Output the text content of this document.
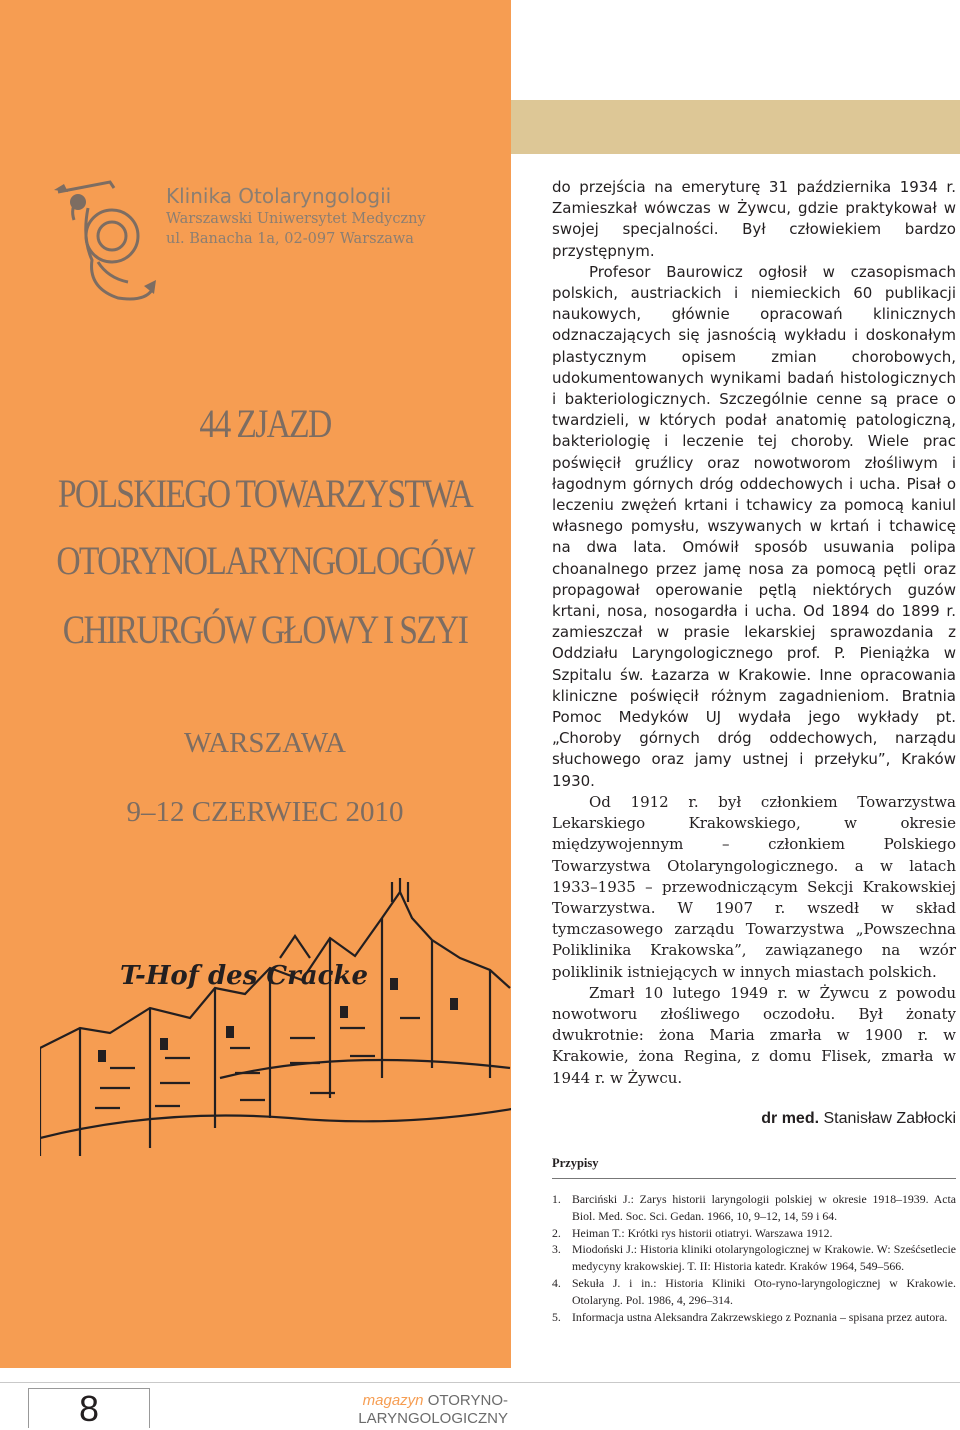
Klinika Otolaryngologii
Warszawski Uniwersytet Medyczny
ul. Banacha 1a, 02-097 Warszawa
44 ZJAZD
POLSKIEGO TOWARZYSTWA
OTORYNOLARYNGOLOGÓW
CHIRURGÓW GŁOWY I SZYI
WARSZAWA
9–12 CZERWIEC 2010
T-Hof des Cracke

do przejścia na emeryturę 31 października 1934 r. Zamieszkał wówczas w Żywcu, gdzie praktykował w swojej specjalności. Był człowiekiem bardzo przystępnym.

Profesor Baurowicz ogłosił w czasopismach polskich, austriackich i niemieckich 60 publikacji naukowych, głównie opracowań klinicznych odznaczających się jasnością wykładu i doskonałym plastycznym opisem zmian chorobowych, udokumentowanych wynikami badań histologicznych i bakteriologicznych. Szczególnie cenne są prace o twardzieli, w których podał anatomię patologiczną, bakteriologię i leczenie tej choroby. Wiele prac poświęcił gruźlicy oraz nowotworom złośliwym i łagodnym górnych dróg oddechowych i ucha. Pisał o leczeniu zwężeń krtani i tchawicy za pomocą kaniul własnego pomysłu, wszywanych w krtań i tchawicę na dwa lata. Omówił sposób usuwania polipa choanalnego przez jamę nosa za pomocą pętli oraz propagował operowanie pętlą niektórych guzów krtani, nosa, nosogardła i ucha. Od 1894 do 1899 r. zamieszczał w prasie lekarskiej sprawozdania z Oddziału Laryngologicznego prof. P. Pieniążka w Szpitalu św. Łazarza w Krakowie. Inne opracowania kliniczne poświęcił różnym zagadnieniom. Bratnia Pomoc Medyków UJ wydała jego wykłady pt. „Choroby górnych dróg oddechowych, narządu słuchowego oraz jamy ustnej i przełyku”, Kraków 1930.

Od 1912 r. był członkiem Towarzystwa Lekarskiego Krakowskiego, w okresie międzywojennym – członkiem Polskiego Towarzystwa Otolaryngologicznego. a w latach 1933–1935 – przewodniczącym Sekcji Krakowskiej Towarzystwa. W 1907 r. wszedł w skład tymczasowego zarządu Towarzystwa „Powszechna Poliklinika Krakowska”, zawiązanego na wzór poliklinik istniejących w innych miastach polskich.

Zmarł 10 lutego 1949 r. w Żywcu z powodu nowotworu złośliwego oczodołu. Był żonaty dwukrotnie: żona Maria zmarła w 1900 r. w Krakowie, żona Regina, z domu Flisek, zmarła w 1944 r. w Żywcu.

dr med. Stanisław Zabłocki
Przypisy
1. Barciński J.: Zarys historii laryngologii polskiej w okresie 1918–1939. Acta Biol. Med. Soc. Sci. Gedan. 1966, 10, 9–12, 14, 59 i 64.
2. Heiman T.: Krótki rys historii otiatryi. Warszawa 1912.
3. Miodoński J.: Historia kliniki otolaryngologicznej w Krakowie. W: Sześćsetlecie medycyny krakowskiej. T. II: Historia katedr. Kraków 1964, 549–566.
4. Sekuła J. i in.: Historia Kliniki Oto-ryno-laryngologicznej w Krakowie. Otolaryng. Pol. 1986, 4, 296–314.
5. Informacja ustna Aleksandra Zakrzewskiego z Poznania – spisana przez autora.
8	magazyn OTORYNO-
LARYNGOLOGICZNY
